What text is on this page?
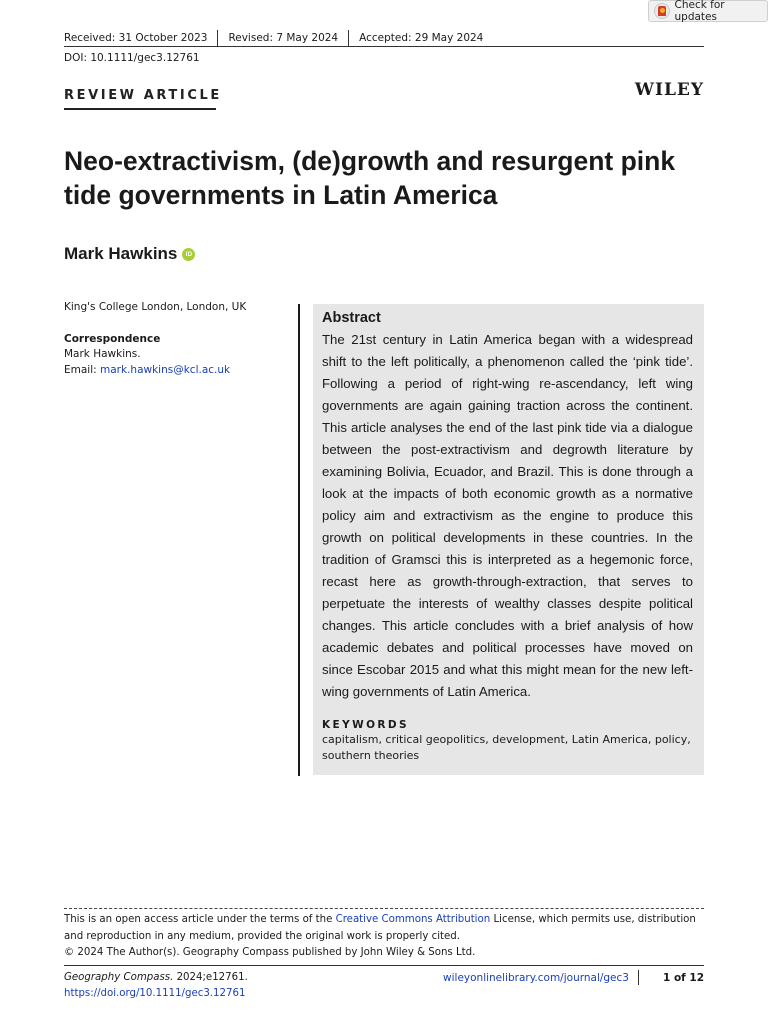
Check for updates
Received: 31 October 2023	Revised: 7 May 2024	Accepted: 29 May 2024
DOI: 10.1111/gec3.12761
REVIEW ARTICLE	WILEY
Neo-extractivism, (de)growth and resurgent pink tide governments in Latin America
Mark Hawkins	iD
King's College London, London, UK
Correspondence
Mark Hawkins.
Email: mark.hawkins@kcl.ac.uk
Abstract
The 21st century in Latin America began with a widespread shift to the left politically, a phenomenon called the ‘pink tide’. Following a period of right-wing re-ascendancy, left wing governments are again gaining traction across the continent. This article analyses the end of the last pink tide via a dialogue between the post-extractivism and degrowth literature by examining Bolivia, Ecuador, and Brazil. This is done through a look at the impacts of both economic growth as a normative policy aim and extractivism as the engine to produce this growth on political developments in these countries. In the tradition of Gramsci this is interpreted as a hegemonic force, recast here as growth-through-extraction, that serves to perpetuate the interests of wealthy classes despite political changes. This article concludes with a brief analysis of how academic debates and political processes have moved on since Escobar 2015 and what this might mean for the new left-wing governments of Latin America.
KEYWORDS
capitalism, critical geopolitics, development, Latin America, policy, southern theories
This is an open access article under the terms of the Creative Commons Attribution License, which permits use, distribution and reproduction in any medium, provided the original work is properly cited.
© 2024 The Author(s). Geography Compass published by John Wiley & Sons Ltd.
Geography Compass. 2024;e12761.
https://doi.org/10.1111/gec3.12761
wileyonlinelibrary.com/journal/gec3	1 of 12
